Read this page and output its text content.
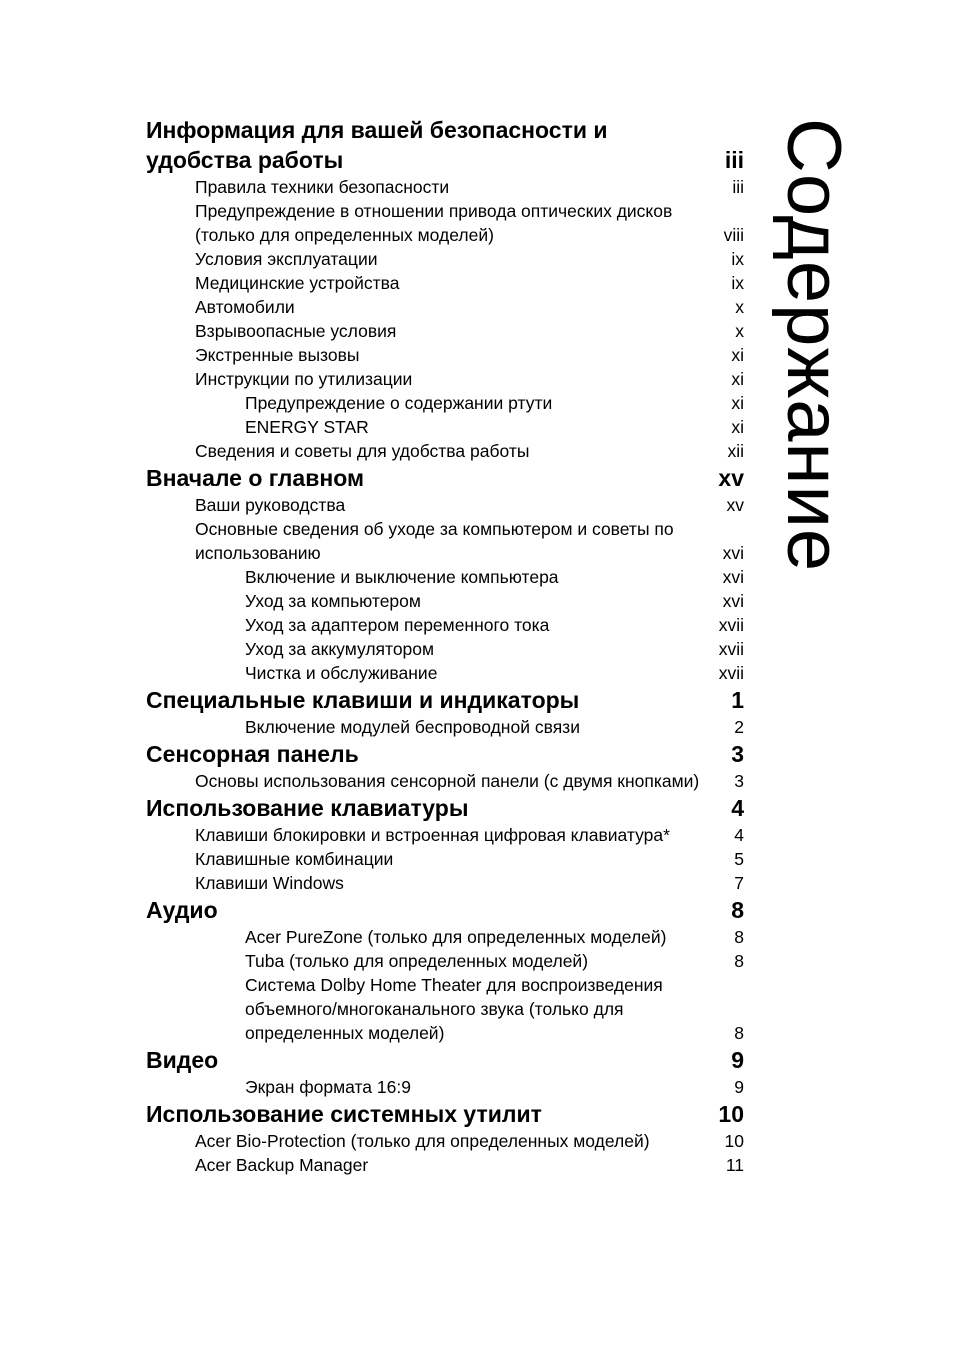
Информация для вашей безопасности и удобства работы	iii
Правила техники безопасности	iii
Предупреждение в отношении привода оптических дисков (только для определенных моделей)	viii
Условия эксплуатации	ix
Медицинские устройства	ix
Автомобили	x
Взрывоопасные условия	x
Экстренные вызовы	xi
Инструкции по утилизации	xi
Предупреждение о содержании ртути	xi
ENERGY STAR	xi
Сведения и советы для удобства работы	xii
Вначале о главном	xv
Ваши руководства	xv
Основные сведения об уходе за компьютером и советы по использованию	xvi
Включение и выключение компьютера	xvi
Уход за компьютером	xvi
Уход за адаптером переменного тока	xvii
Уход за аккумулятором	xvii
Чистка и обслуживание	xvii
Специальные клавиши и индикаторы	1
Включение модулей беспроводной связи	2
Сенсорная панель	3
Основы использования сенсорной панели (с двумя кнопками)	3
Использование клавиатуры	4
Клавиши блокировки и встроенная цифровая клавиатура*	4
Клавишные комбинации	5
Клавиши Windows	7
Аудио	8
Acer PureZone (только для определенных моделей)	8
Tuba (только для определенных моделей)	8
Система Dolby Home Theater для воспроизведения объемного/многоканального звука (только для определенных моделей)	8
Видео	9
Экран формата 16:9	9
Использование системных утилит	10
Acer Bio-Protection (только для определенных моделей)	10
Acer Backup Manager	11
Содержание
